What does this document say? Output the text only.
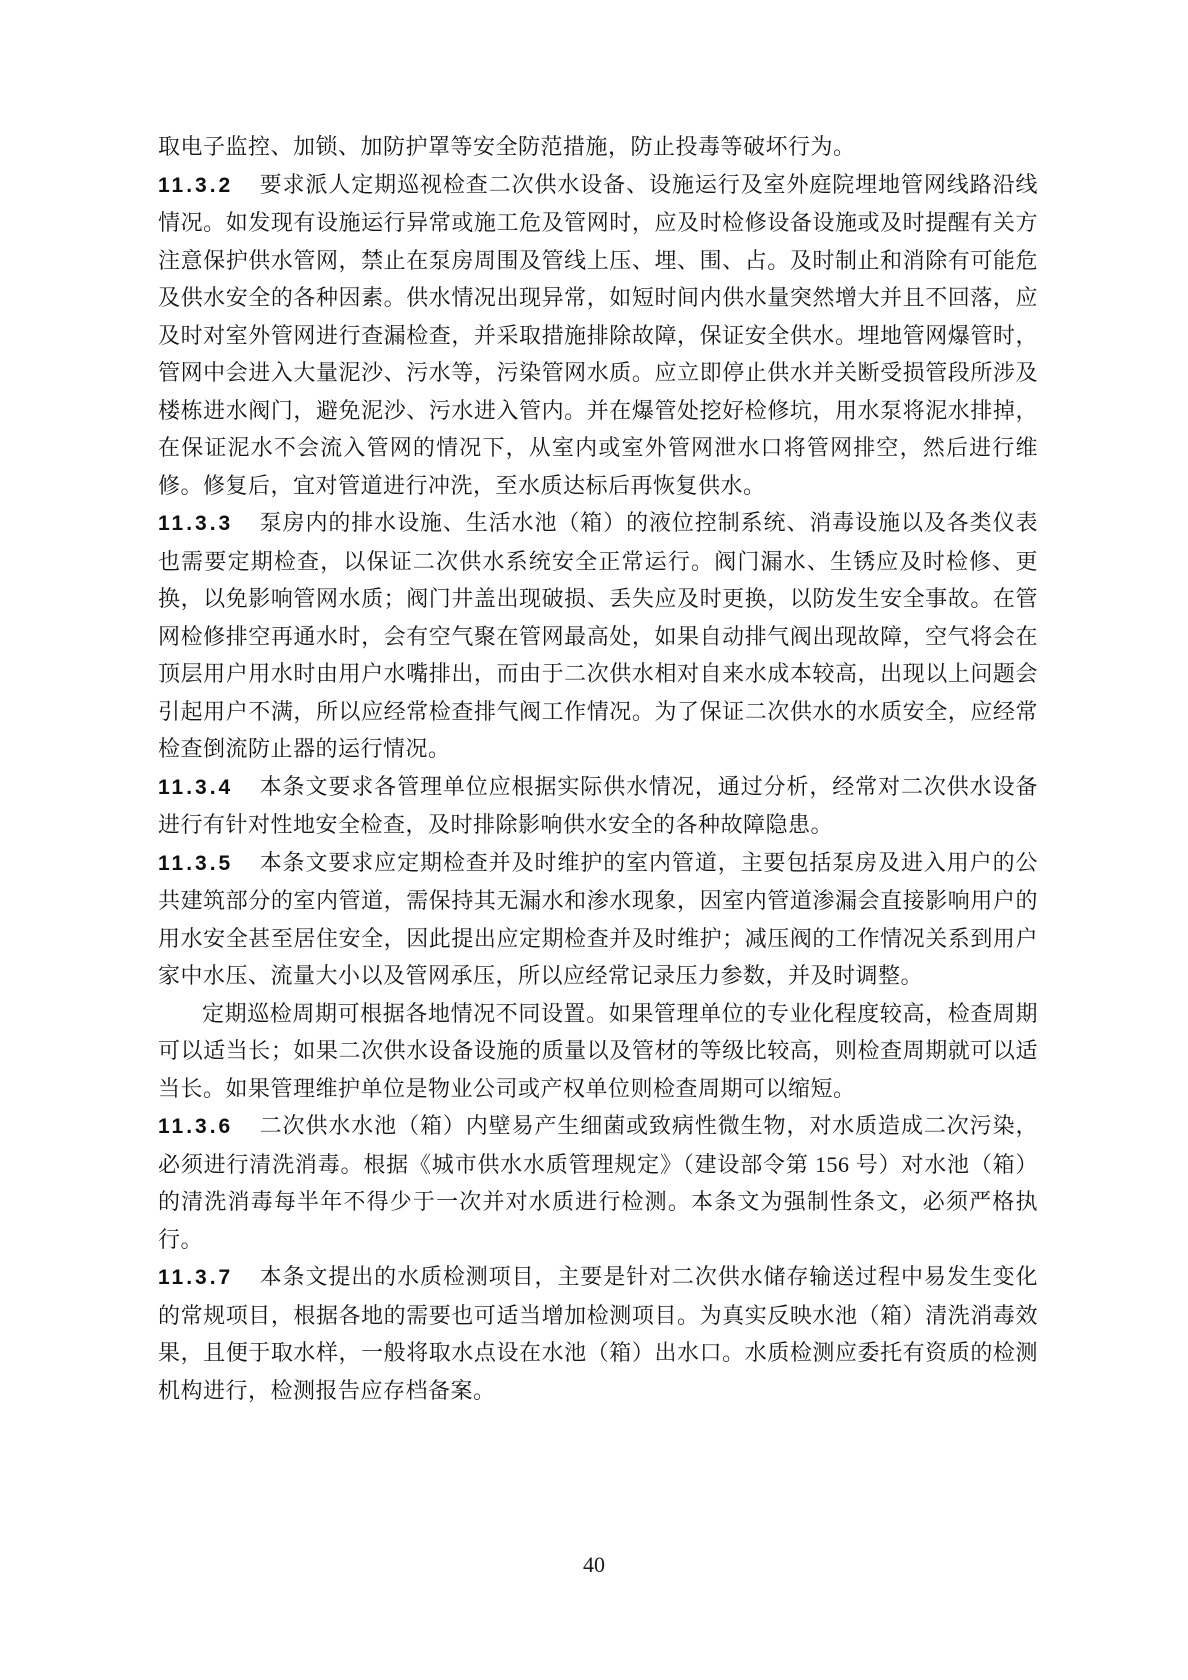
取电子监控、加锁、加防护罩等安全防范措施，防止投毒等破坏行为。

11.3.2 要求派人定期巡视检查二次供水设备、设施运行及室外庭院埋地管网线路沿线情况。如发现有设施运行异常或施工危及管网时，应及时检修设备设施或及时提醒有关方注意保护供水管网，禁止在泵房周围及管线上压、埋、围、占。及时制止和消除有可能危及供水安全的各种因素。供水情况出现异常，如短时间内供水量突然增大并且不回落，应及时对室外管网进行查漏检查，并采取措施排除故障，保证安全供水。埋地管网爆管时，管网中会进入大量泥沙、污水等，污染管网水质。应立即停止供水并关断受损管段所涉及楼栋进水阀门，避免泥沙、污水进入管内。并在爆管处挖好检修坑，用水泵将泥水排掉，在保证泥水不会流入管网的情况下，从室内或室外管网泄水口将管网排空，然后进行维修。修复后，宜对管道进行冲洗，至水质达标后再恢复供水。

11.3.3 泵房内的排水设施、生活水池（箱）的液位控制系统、消毒设施以及各类仪表也需要定期检查，以保证二次供水系统安全正常运行。阀门漏水、生锈应及时检修、更换，以免影响管网水质；阀门井盖出现破损、丢失应及时更换，以防发生安全事故。在管网检修排空再通水时，会有空气聚在管网最高处，如果自动排气阀出现故障，空气将会在顶层用户用水时由用户水嘴排出，而由于二次供水相对自来水成本较高，出现以上问题会引起用户不满，所以应经常检查排气阀工作情况。为了保证二次供水的水质安全，应经常检查倒流防止器的运行情况。

11.3.4 本条文要求各管理单位应根据实际供水情况，通过分析，经常对二次供水设备进行有针对性地安全检查，及时排除影响供水安全的各种故障隐患。

11.3.5 本条文要求应定期检查并及时维护的室内管道，主要包括泵房及进入用户的公共建筑部分的室内管道，需保持其无漏水和渗水现象，因室内管道渗漏会直接影响用户的用水安全甚至居住安全，因此提出应定期检查并及时维护；减压阀的工作情况关系到用户家中水压、流量大小以及管网承压，所以应经常记录压力参数，并及时调整。

定期巡检周期可根据各地情况不同设置。如果管理单位的专业化程度较高，检查周期可以适当长；如果二次供水设备设施的质量以及管材的等级比较高，则检查周期就可以适当长。如果管理维护单位是物业公司或产权单位则检查周期可以缩短。

11.3.6 二次供水水池（箱）内壁易产生细菌或致病性微生物，对水质造成二次污染，必须进行清洗消毒。根据《城市供水水质管理规定》（建设部令第 156 号）对水池（箱）的清洗消毒每半年不得少于一次并对水质进行检测。本条文为强制性条文，必须严格执行。

11.3.7 本条文提出的水质检测项目，主要是针对二次供水储存输送过程中易发生变化的常规项目，根据各地的需要也可适当增加检测项目。为真实反映水池（箱）清洗消毒效果，且便于取水样，一般将取水点设在水池（箱）出水口。水质检测应委托有资质的检测机构进行，检测报告应存档备案。

40
